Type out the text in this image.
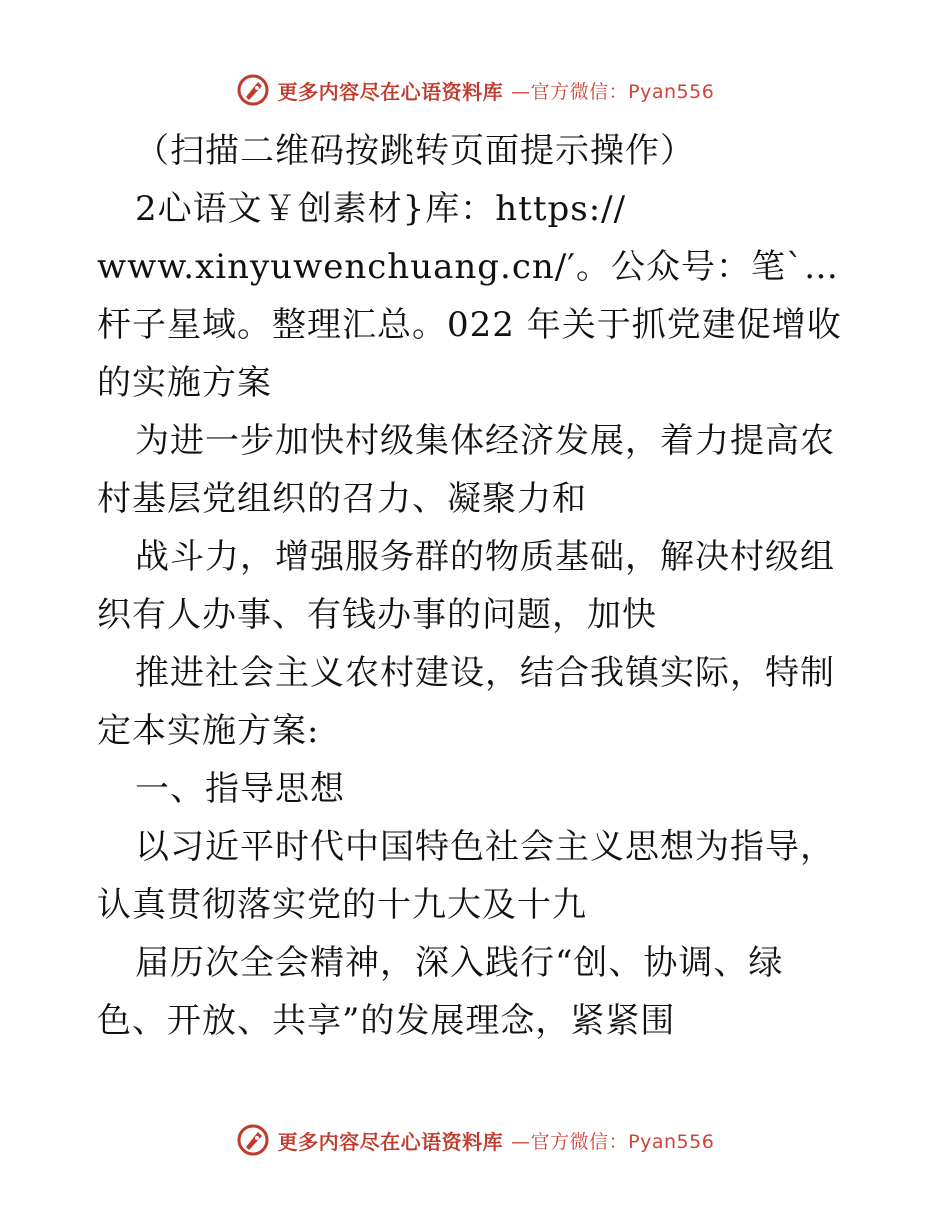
更多内容尽在心语资料库 —官方微信：Pyan556

（扫描二维码按跳转页面提示操作）

2心语文￥创素材}库：https://

www.xinyuwenchuang.cn/′。公众号：笔`…杆子星域。整理汇总。022 年关于抓党建促增收的实施方案

为进一步加快村级集体经济发展，着力提高农村基层党组织的召力、凝聚力和

战斗力，增强服务群的物质基础，解决村级组织有人办事、有钱办事的问题，加快

推进社会主义农村建设，结合我镇实际，特制定本实施方案:

一、指导思想

以习近平时代中国特色社会主义思想为指导，认真贯彻落实党的十九大及十九

届历次全会精神，深入践行“创、协调、绿色、开放、共享”的发展理念，紧紧围

更多内容尽在心语资料库 —官方微信：Pyan556
